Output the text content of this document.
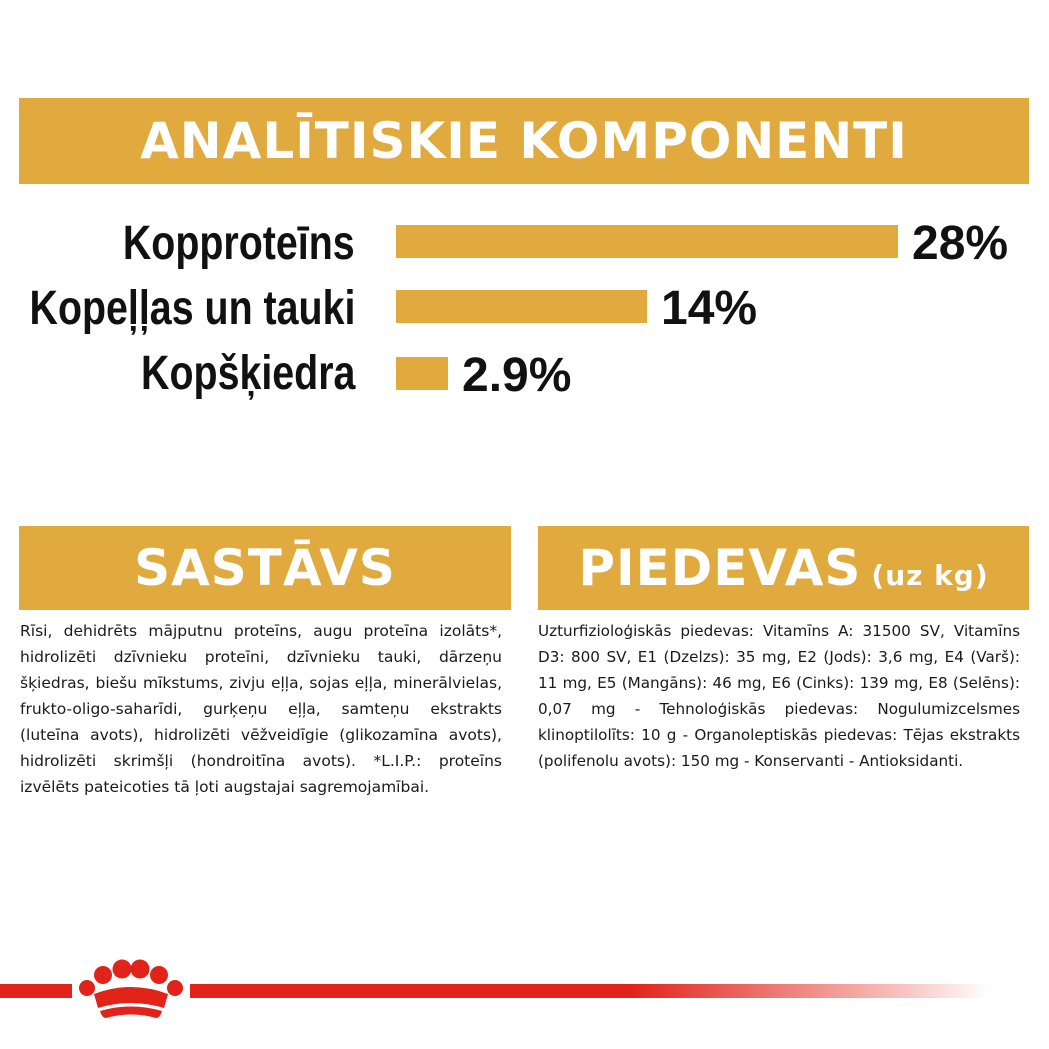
ANALĪTISKIE KOMPONENTI
Kopproteīns	28%
Kopeļļas un tauki	14%
Kopšķiedra 2.9%
SASTĀVS
Rīsi, dehidrēts mājputnu proteīns, augu proteīna izolāts*, hidrolizēti dzīvnieku proteīni, dzīvnieku tauki, dārzeņu šķiedras, biešu mīkstums, zivju eļļa, sojas eļļa, minerālvielas, frukto-oligo-saharīdi, gurķeņu eļļa, samteņu ekstrakts (luteīna avots), hidrolizēti vēžveidīgie (glikozamīna avots), hidrolizēti skrimšļi (hondroitīna avots). *L.I.P.: proteīns izvēlēts pateicoties tā ļoti augstajai sagremojamībai.
PIEDEVAS (uz kg)
Uzturfizioloģiskās piedevas: Vitamīns A: 31500 SV, Vitamīns D3: 800 SV, E1 (Dzelzs): 35 mg, E2 (Jods): 3,6 mg, E4 (Varš): 11 mg, E5 (Mangāns): 46 mg, E6 (Cinks): 139 mg, E8 (Selēns): 0,07 mg - Tehnoloģiskās piedevas: Nogulumizcelsmes klinoptilolīts: 10 g - Organoleptiskās piedevas: Tējas ekstrakts (polifenolu avots): 150 mg - Konservanti - Antioksidanti.
